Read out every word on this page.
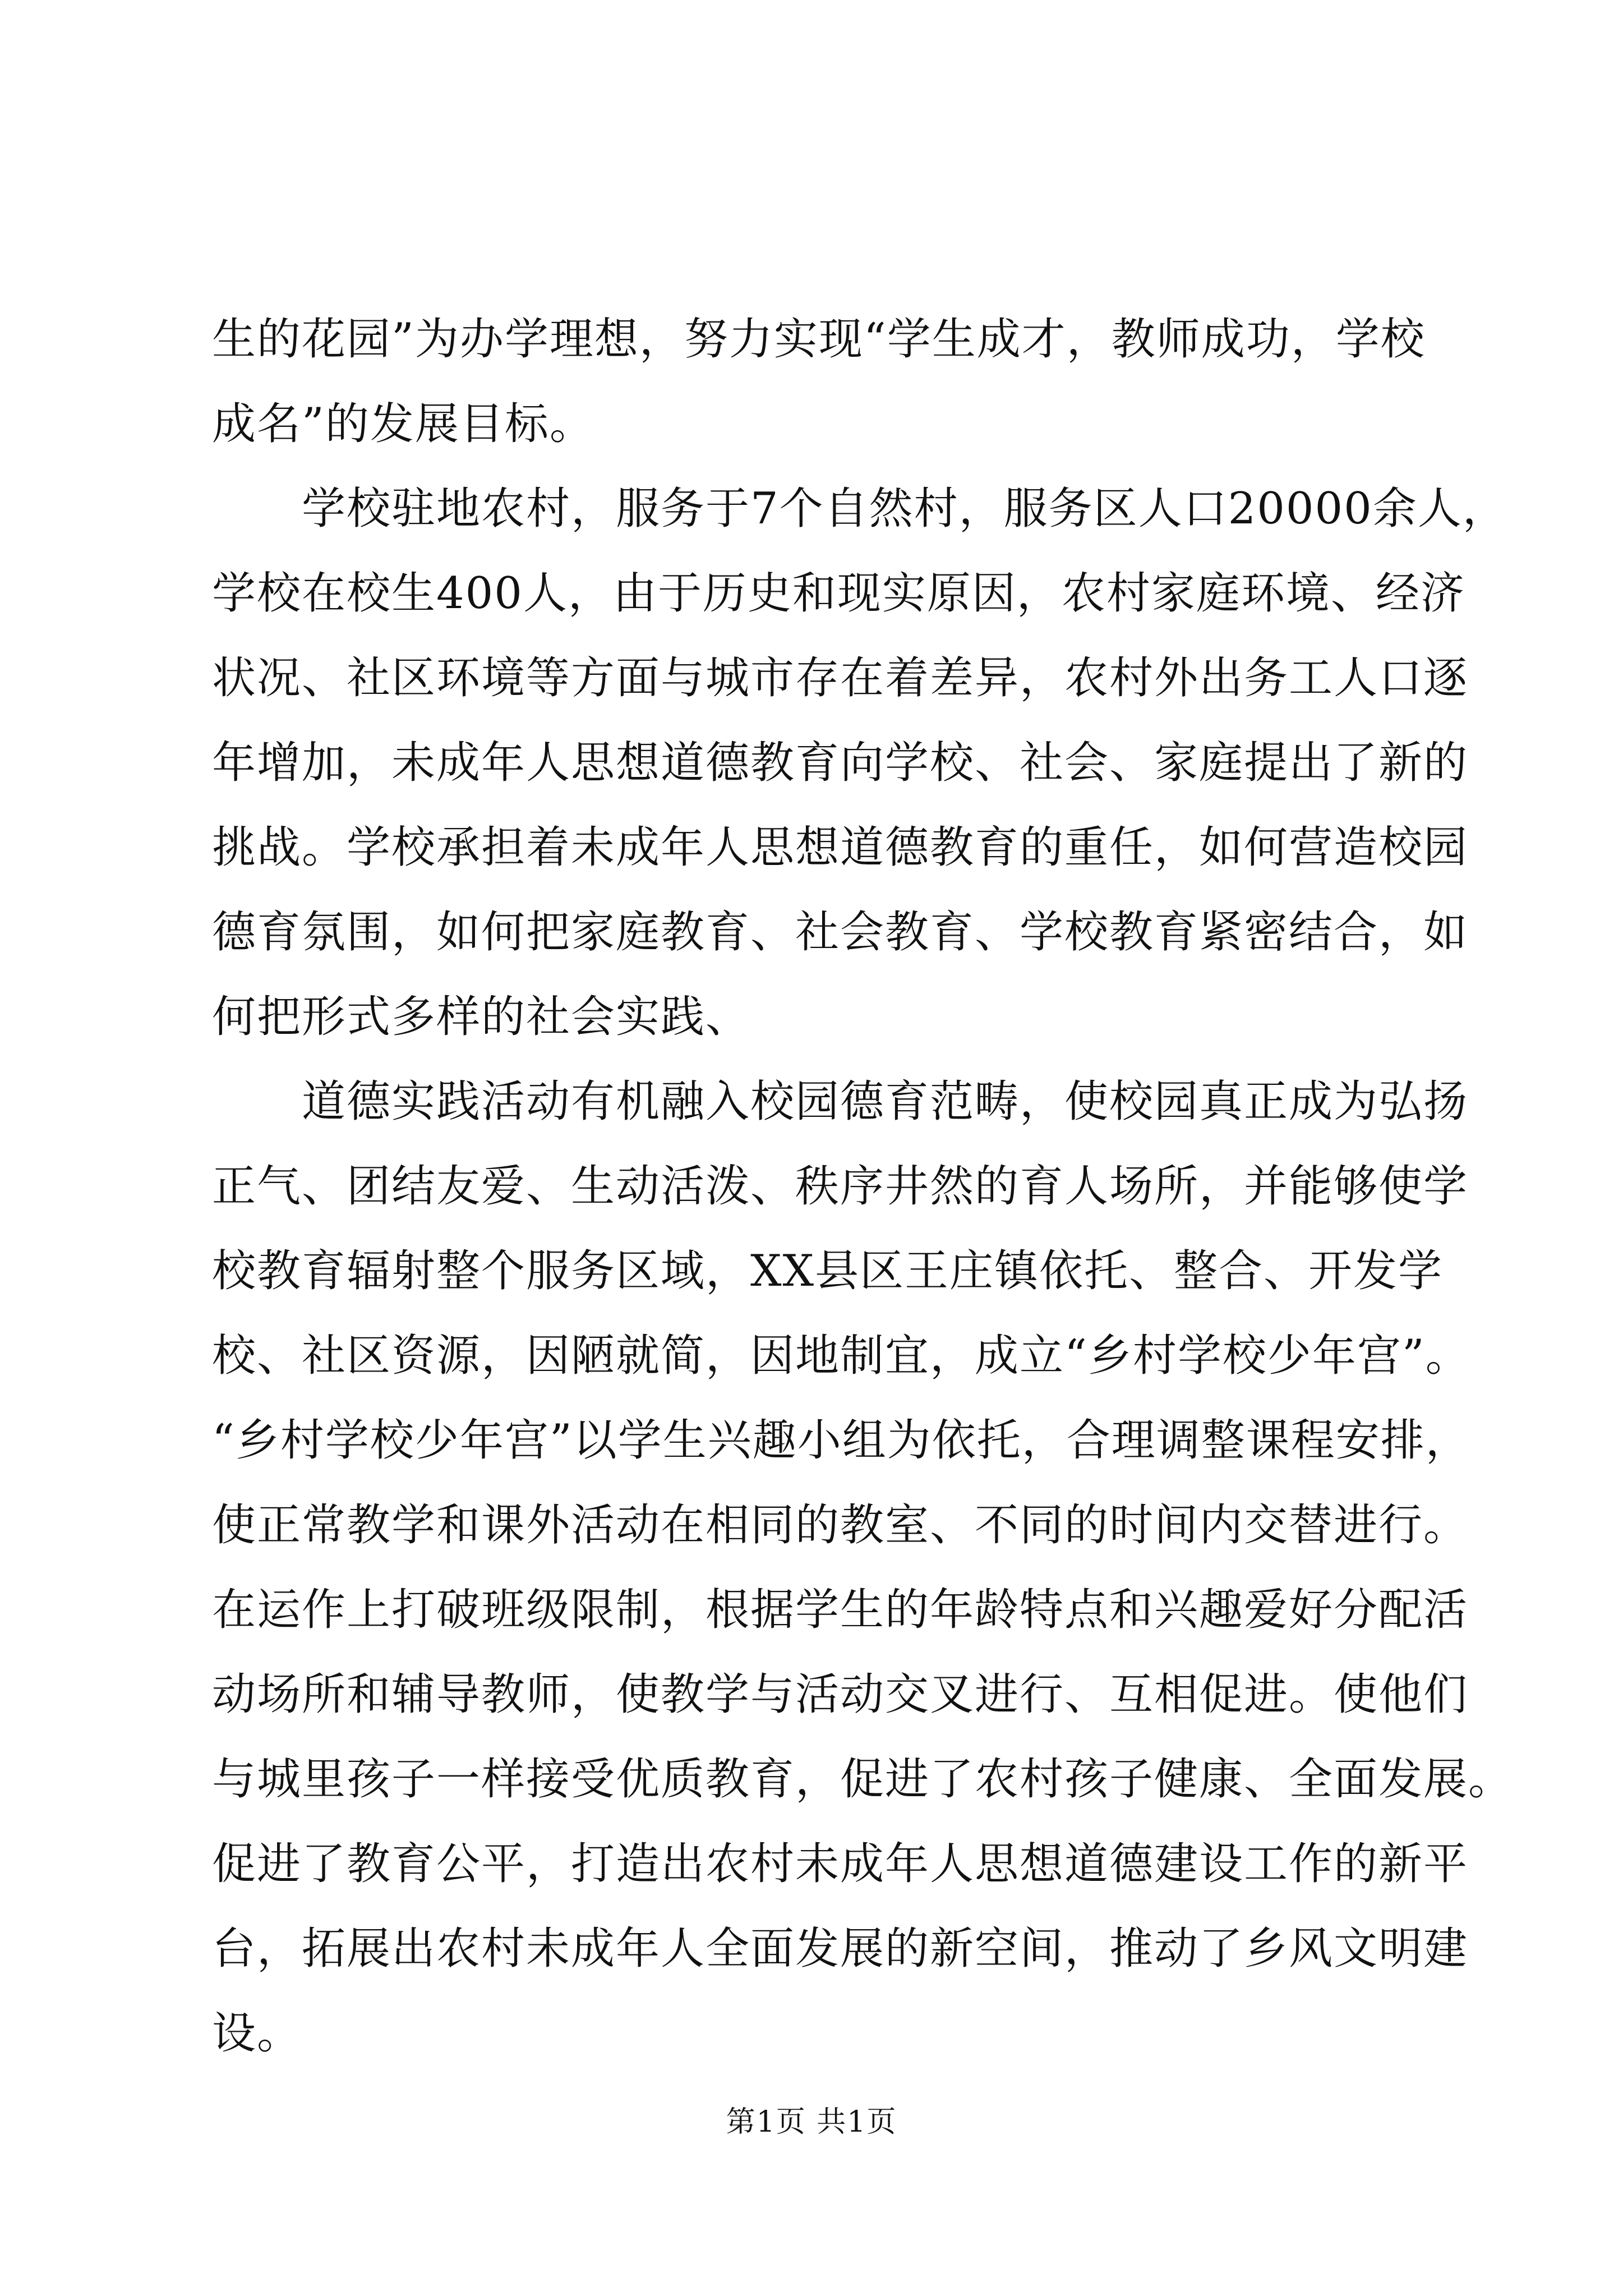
生的花园”为办学理想，努力实现“学生成才，教师成功，学校
成名”的发展目标。
　　学校驻地农村，服务于7个自然村，服务区人口20000余人，
学校在校生400人，由于历史和现实原因，农村家庭环境、经济
状况、社区环境等方面与城市存在着差异，农村外出务工人口逐
年增加，未成年人思想道德教育向学校、社会、家庭提出了新的
挑战。学校承担着未成年人思想道德教育的重任，如何营造校园
德育氛围，如何把家庭教育、社会教育、学校教育紧密结合，如
何把形式多样的社会实践、
　　道德实践活动有机融入校园德育范畴，使校园真正成为弘扬
正气、团结友爱、生动活泼、秩序井然的育人场所，并能够使学
校教育辐射整个服务区域，XX县区王庄镇依托、整合、开发学
校、社区资源，因陋就简，因地制宜，成立“乡村学校少年宫”。
“乡村学校少年宫”以学生兴趣小组为依托，合理调整课程安排，
使正常教学和课外活动在相同的教室、不同的时间内交替进行。
在运作上打破班级限制，根据学生的年龄特点和兴趣爱好分配活
动场所和辅导教师，使教学与活动交叉进行、互相促进。使他们
与城里孩子一样接受优质教育，促进了农村孩子健康、全面发展。
促进了教育公平，打造出农村未成年人思想道德建设工作的新平
台，拓展出农村未成年人全面发展的新空间，推动了乡风文明建
设。
第1页 共1页
